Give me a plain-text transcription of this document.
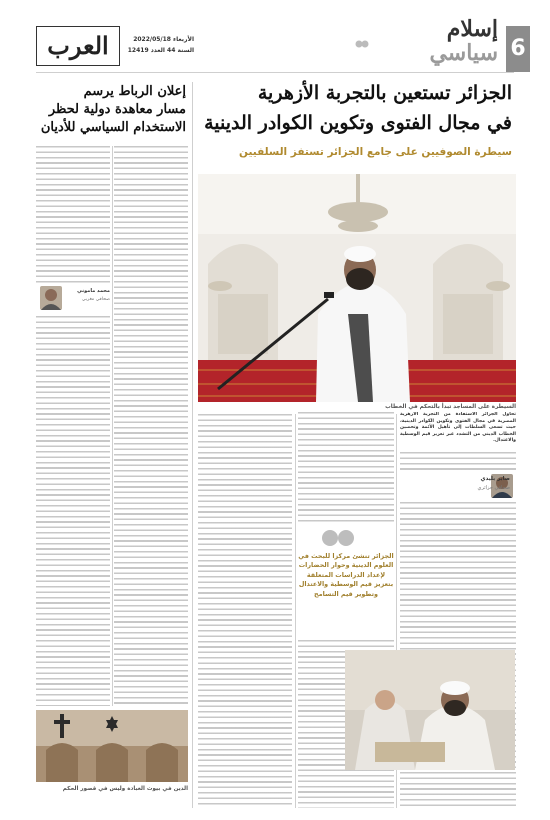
6
إسلام
سياسي
العرب	الأربعاء 2022/05/18
السنة 44 العدد 12419
الجزائر تستعين بالتجربة الأزهرية
في مجال الفتوى وتكوين الكوادر الدينية
سيطرة الصوفيين على جامع الجزائر تستفز السلفيين
السيطرة على المساجد تبدأ بالتحكم في الخطاب
تحاول الجزائر الاستفادة من التجربة الأزهرية المصرية في مجال الفتوى وتكوين الكوادر الدينية، حيث تسعى السلطات إلى تأهيل الأئمة وتحصين الخطاب الديني من التشدد عبر تعزيز قيم الوسطية والاعتدال.
صابر بليدي
صحافي جزائري
الجزائر تنشئ مركزا للبحث في العلوم الدينية وحوار الحضارات لإعداد الدراسات المتعلقة بتعزيز قيم الوسطية والاعتدال وتطوير قيم التسامح
إعلان الرباط يرسم
مسار معاهدة دولية لحظر
الاستخدام السياسي للأديان
محمد ماموني
صحافي مغربي
الدين في بيوت العبادة وليس في قصور الحكم
